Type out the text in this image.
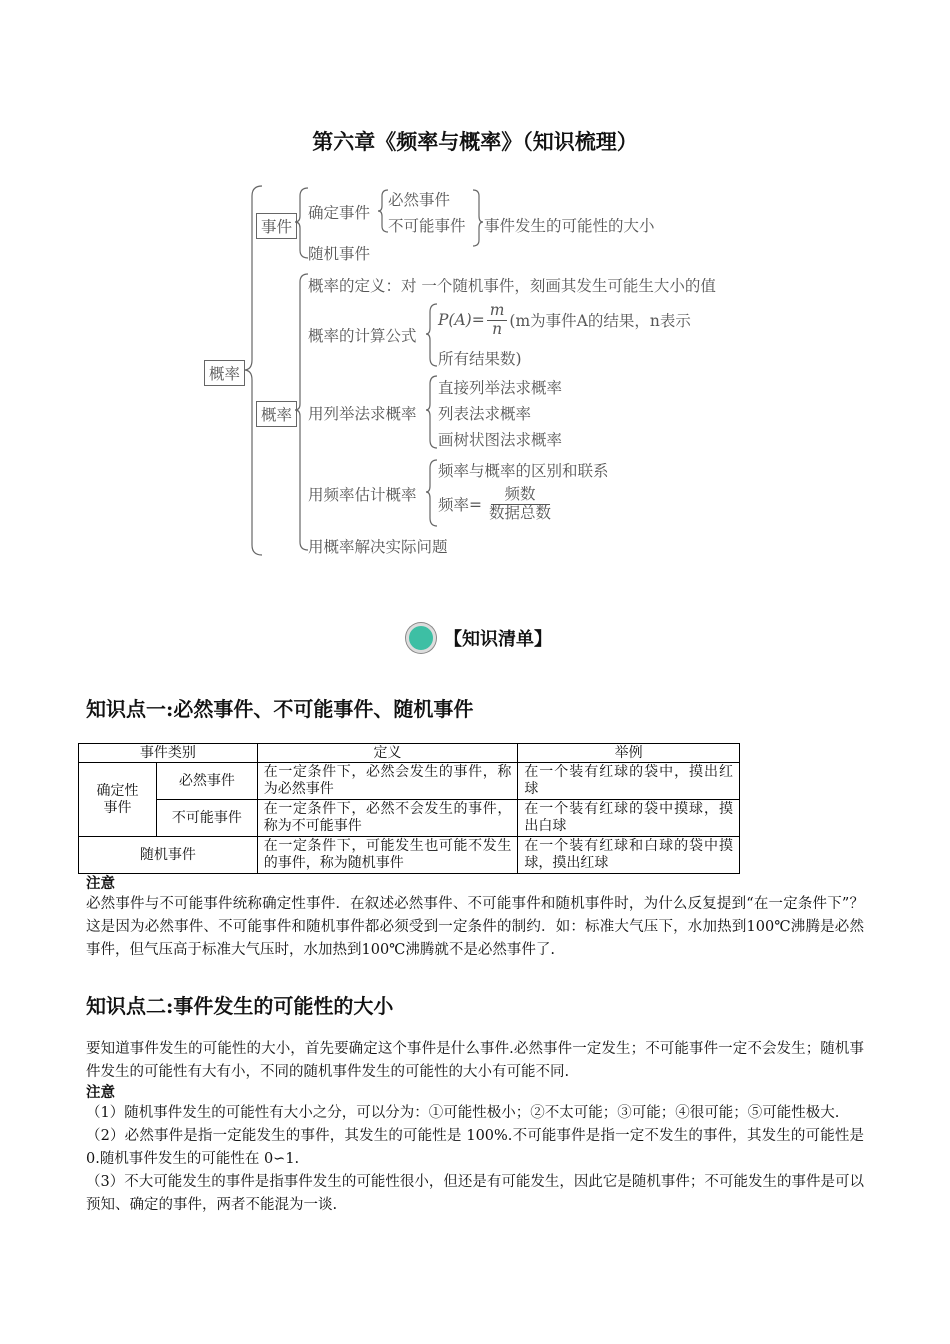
第六章《频率与概率》（知识梳理）
概率
事件
确定事件
必然事件
不可能事件 事件发生的可能性的大小
随机事件
概率
概率的定义：对 一个随机事件，刻画其发生可能生大小的值
概率的计算公式
$P(A)= \frac{m}{n} (m$为事件A的结果，n表示
所有结果数)
用列举法求概率
直接列举法求概率
列表法求概率
画树状图法求概率
用频率估计概率
频率与概率的区别和联系
频率= $\frac{\text{频数}}{\text{数据总数}}$
用概率解决实际问题
【知识清单】
知识点一:必然事件、不可能事件、随机事件
事件类别		定义	举例
确定性事件	必然事件	在一定条件下，必然会发生的事件，称为必然事件	在一个装有红球的袋中，摸出红球
	不可能事件	在一定条件下，必然不会发生的事件，称为不可能事件	在一个装有红球的袋中摸球，摸出白球
随机事件		在一定条件下，可能发生也可能不发生的事件，称为随机事件	在一个装有红球和白球的袋中摸球，摸出红球
注意
必然事件与不可能事件统称确定性事件．在叙述必然事件、不可能事件和随机事件时，为什么反复提到“在一定条件下”？这是因为必然事件、不可能事件和随机事件都必须受到一定条件的制约．如：标准大气压下，水加热到100℃沸腾是必然事件，但气压高于标准大气压时，水加热到100℃沸腾就不是必然事件了.
知识点二:事件发生的可能性的大小
要知道事件发生的可能性的大小，首先要确定这个事件是什么事件.必然事件一定发生；不可能事件一定不会发生；随机事件发生的可能性有大有小，不同的随机事件发生的可能性的大小有可能不同.
注意
（1）随机事件发生的可能性有大小之分，可以分为：①可能性极小；②不太可能；③可能；④很可能；⑤可能性极大.
（2）必然事件是指一定能发生的事件，其发生的可能性是 100%.不可能事件是指一定不发生的事件，其发生的可能性是 0.随机事件发生的可能性在 0∽1.
（3）不大可能发生的事件是指事件发生的可能性很小，但还是有可能发生，因此它是随机事件；不可能发生的事件是可以预知、确定的事件，两者不能混为一谈.
